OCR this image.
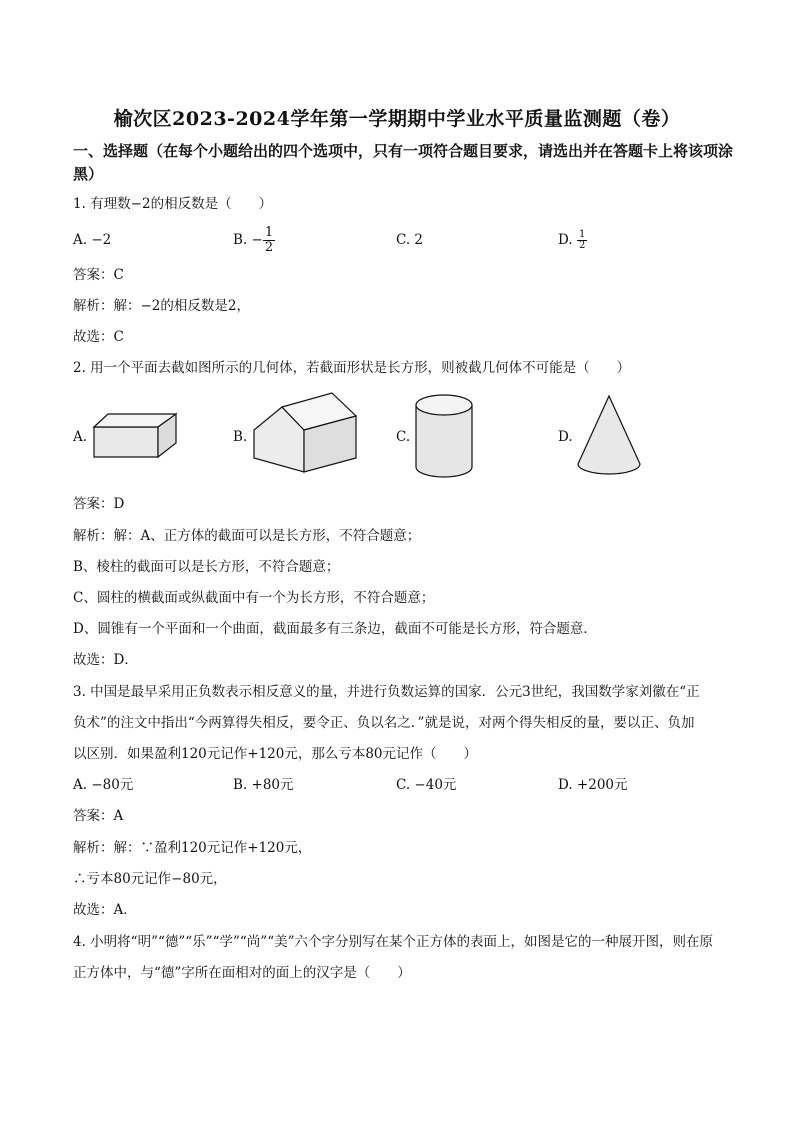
榆次区2023-2024学年第一学期期中学业水平质量监测题（卷）
一、选择题（在每个小题给出的四个选项中，只有一项符合题目要求，请选出并在答题卡上将该项涂黑）
1. 有理数−2的相反数是（　　）
A. −2	B. − $\frac{1}{2}$	C. 2	D. $\frac{1}{2}$
答案：C
解析：解：−2的相反数是2，
故选：C
2. 用一个平面去截如图所示的几何体，若截面形状是长方形，则被截几何体不可能是（　　）
A.	B.	C.	D.
答案：D
解析：解：A、正方体的截面可以是长方形，不符合题意；
B、棱柱的截面可以是长方形，不符合题意；
C、圆柱的横截面或纵截面中有一个为长方形，不符合题意；
D、圆锥有一个平面和一个曲面，截面最多有三条边，截面不可能是长方形，符合题意．
故选：D．
3. 中国是最早采用正负数表示相反意义的量，并进行负数运算的国家．公元3世纪，我国数学家刘徽在“正
负术”的注文中指出“今两算得失相反，要令正、负以名之．”就是说，对两个得失相反的量，要以正、负加
以区别．如果盈利120元记作+120元，那么亏本80元记作（　　）
A. −80元	B. +80元	C. −40元	D. +200元
答案：A
解析：解：∵盈利120元记作+120元，
∴亏本80元记作−80元，
故选：A．
4. 小明将“明”“德”“乐”“学”“尚”“美”六个字分别写在某个正方体的表面上，如图是它的一种展开图，则在原
正方体中，与“德”字所在面相对的面上的汉字是（　　）
